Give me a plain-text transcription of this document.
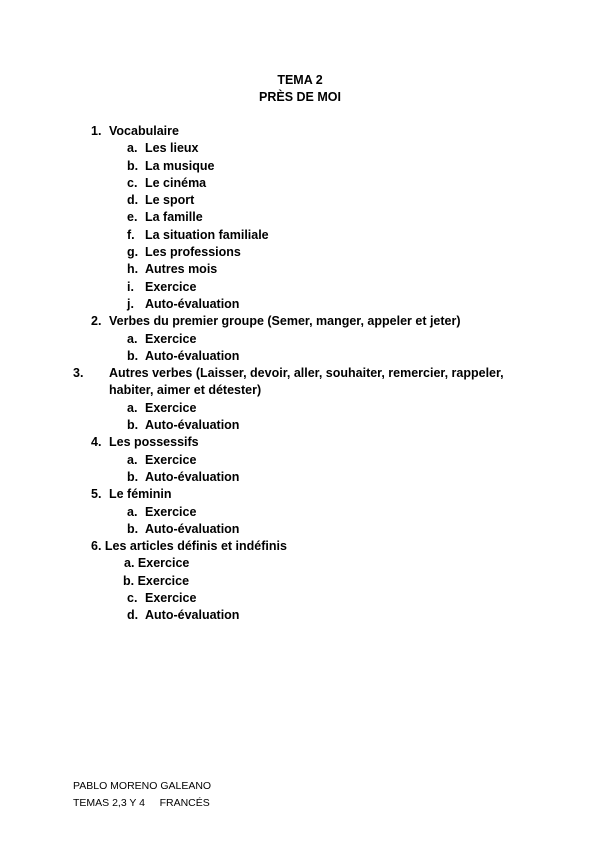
TEMA 2
PRÈS DE MOI
1. Vocabulaire
a. Les lieux
b. La musique
c. Le cinéma
d. Le sport
e. La famille
f. La situation familiale
g. Les professions
h. Autres mois
i. Exercice
j. Auto-évaluation
2. Verbes du premier groupe (Semer, manger, appeler et jeter)
a. Exercice
b. Auto-évaluation
3. Autres verbes (Laisser, devoir, aller, souhaiter, remercier, rappeler, habiter, aimer et détester)
a. Exercice
b. Auto-évaluation
4. Les possessifs
a. Exercice
b. Auto-évaluation
5. Le féminin
a. Exercice
b. Auto-évaluation
6. Les articles définis et indéfinis
a. Exercice
b. Exercice
c. Exercice
d. Auto-évaluation
PABLO MORENO GALEANO
TEMAS 2,3 Y 4     FRANCÉS
